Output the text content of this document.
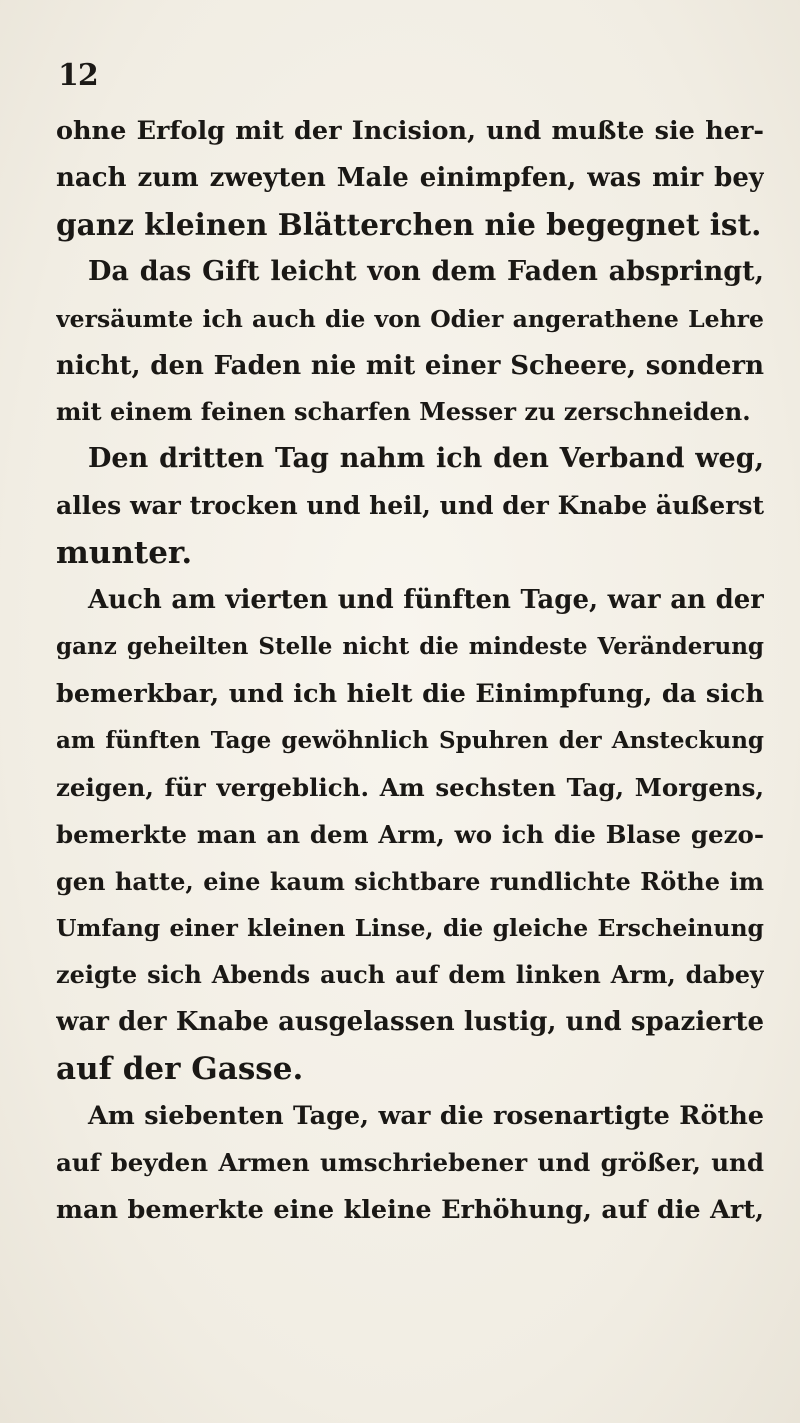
12
ohne Erfolg mit der Incision, und mußte sie her-
nach zum zweyten Male einimpfen, was mir bey
ganz kleinen Blätterchen nie begegnet ist.
Da das Gift leicht von dem Faden abspringt,
versäumte ich auch die von Odier angerathene Lehre
nicht, den Faden nie mit einer Scheere, sondern
mit einem feinen scharfen Messer zu zerschneiden.
Den dritten Tag nahm ich den Verband weg,
alles war trocken und heil, und der Knabe äußerst
munter.
Auch am vierten und fünften Tage, war an der
ganz geheilten Stelle nicht die mindeste Veränderung
bemerkbar, und ich hielt die Einimpfung, da sich
am fünften Tage gewöhnlich Spuhren der Ansteckung
zeigen, für vergeblich. Am sechsten Tag, Morgens,
bemerkte man an dem Arm, wo ich die Blase gezo-
gen hatte, eine kaum sichtbare rundlichte Röthe im
Umfang einer kleinen Linse, die gleiche Erscheinung
zeigte sich Abends auch auf dem linken Arm, dabey
war der Knabe ausgelassen lustig, und spazierte
auf der Gasse.
Am siebenten Tage, war die rosenartigte Röthe
auf beyden Armen umschriebener und größer, und
man bemerkte eine kleine Erhöhung, auf die Art,
